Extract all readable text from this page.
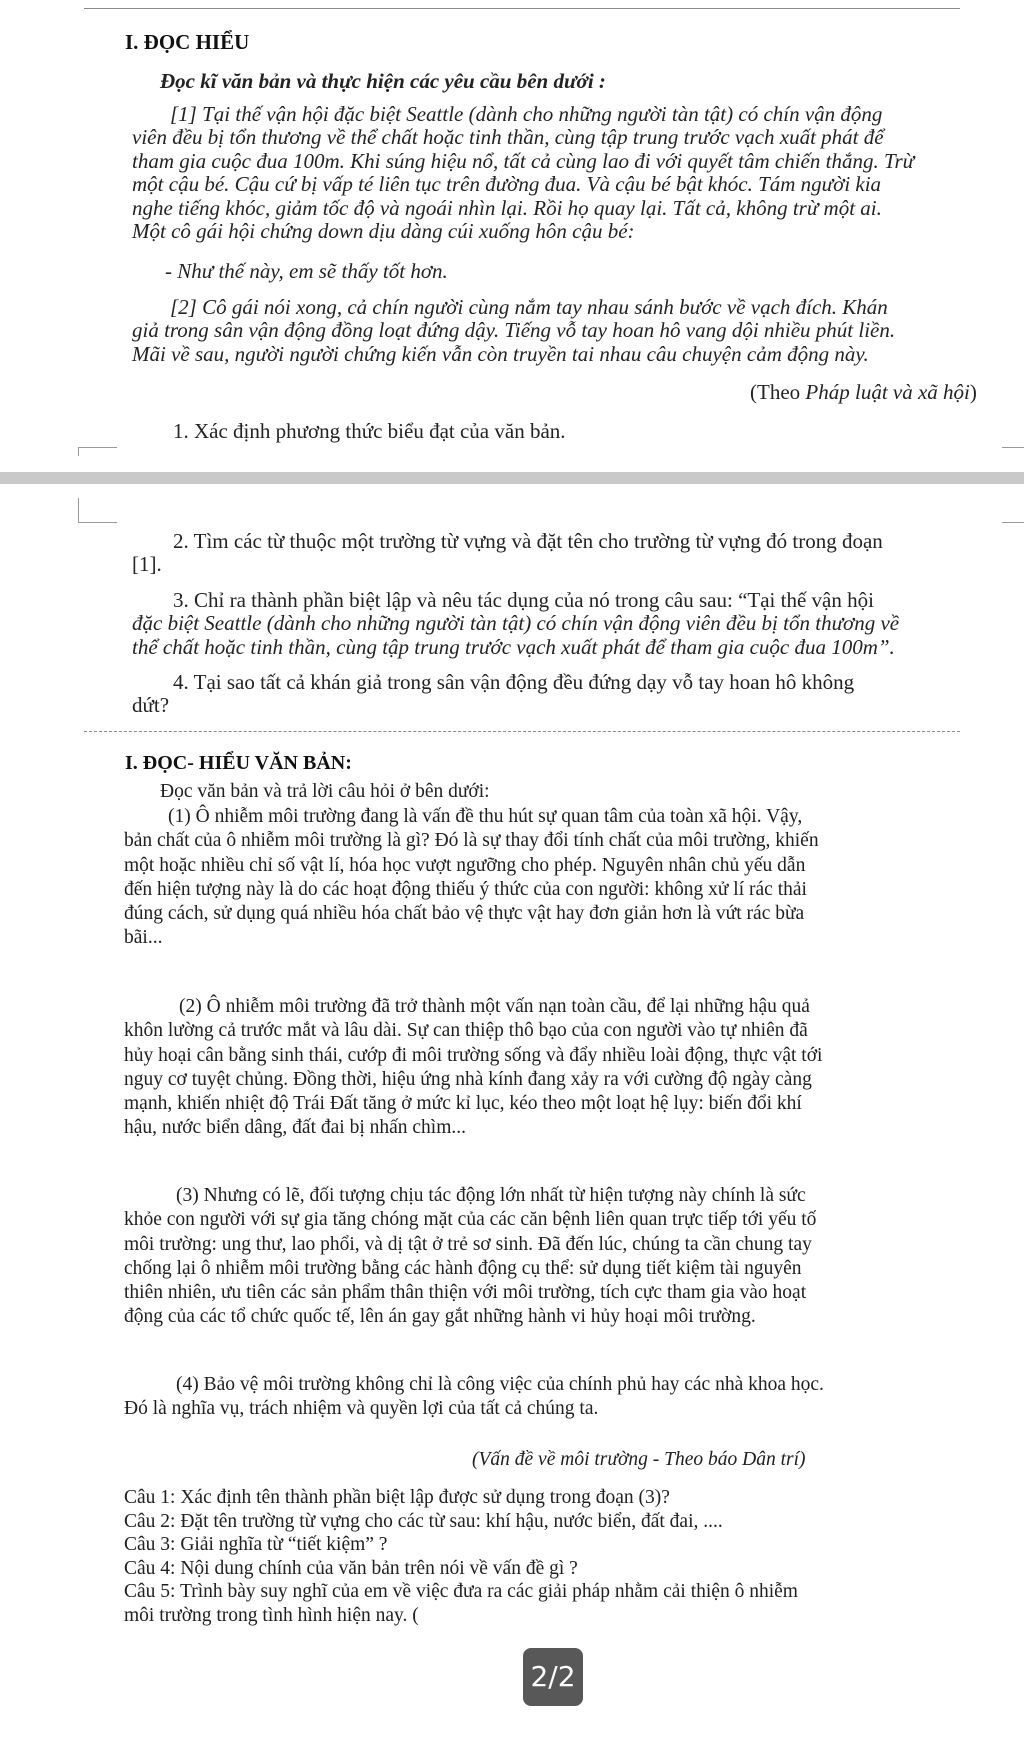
I. ĐỌC HIỂU
Đọc kĩ văn bản và thực hiện các yêu cầu bên dưới :
[1] Tại thế vận hội đặc biệt Seattle (dành cho những người tàn tật) có chín vận động
viên đều bị tổn thương về thể chất hoặc tinh thần, cùng tập trung trước vạch xuất phát để
tham gia cuộc đua 100m. Khi súng hiệu nổ, tất cả cùng lao đi với quyết tâm chiến thắng. Trừ
một cậu bé. Cậu cứ bị vấp té liên tục trên đường đua. Và cậu bé bật khóc. Tám người kia
nghe tiếng khóc, giảm tốc độ và ngoái nhìn lại. Rồi họ quay lại. Tất cả, không trừ một ai.
Một cô gái hội chứng down dịu dàng cúi xuống hôn cậu bé:
- Như thế này, em sẽ thấy tốt hơn.
[2] Cô gái nói xong, cả chín người cùng nắm tay nhau sánh bước về vạch đích. Khán
giả trong sân vận động đồng loạt đứng dậy. Tiếng vỗ tay hoan hô vang dội nhiều phút liền.
Mãi về sau, người người chứng kiến vẫn còn truyền tai nhau câu chuyện cảm động này.
(Theo Pháp luật và xã hội)
1. Xác định phương thức biểu đạt của văn bản.
2. Tìm các từ thuộc một trường từ vựng và đặt tên cho trường từ vựng đó trong đoạn
[1].
3. Chỉ ra thành phần biệt lập và nêu tác dụng của nó trong câu sau: “Tại thế vận hội
đặc biệt Seattle (dành cho những người tàn tật) có chín vận động viên đều bị tổn thương về
thể chất hoặc tinh thần, cùng tập trung trước vạch xuất phát để tham gia cuộc đua 100m”.
4. Tại sao tất cả khán giả trong sân vận động đều đứng dạy vỗ tay hoan hô không
dứt?
I. ĐỌC- HIỂU VĂN BẢN:
Đọc văn bản và trả lời câu hỏi ở bên dưới:
(1) Ô nhiễm môi trường đang là vấn đề thu hút sự quan tâm của toàn xã hội. Vậy,
bản chất của ô nhiễm môi trường là gì? Đó là sự thay đổi tính chất của môi trường, khiến
một hoặc nhiều chỉ số vật lí, hóa học vượt ngưỡng cho phép. Nguyên nhân chủ yếu dẫn
đến hiện tượng này là do các hoạt động thiếu ý thức của con người: không xử lí rác thải
đúng cách, sử dụng quá nhiều hóa chất bảo vệ thực vật hay đơn giản hơn là vứt rác bừa
bãi...
(2) Ô nhiễm môi trường đã trở thành một vấn nạn toàn cầu, để lại những hậu quả
khôn lường cả trước mắt và lâu dài. Sự can thiệp thô bạo của con người vào tự nhiên đã
hủy hoại cân bằng sinh thái, cướp đi môi trường sống và đẩy nhiều loài động, thực vật tới
nguy cơ tuyệt chủng. Đồng thời, hiệu ứng nhà kính đang xảy ra với cường độ ngày càng
mạnh, khiến nhiệt độ Trái Đất tăng ở mức kỉ lục, kéo theo một loạt hệ lụy: biến đổi khí
hậu, nước biển dâng, đất đai bị nhấn chìm...
(3) Nhưng có lẽ, đối tượng chịu tác động lớn nhất từ hiện tượng này chính là sức
khỏe con người với sự gia tăng chóng mặt của các căn bệnh liên quan trực tiếp tới yếu tố
môi trường: ung thư, lao phổi, và dị tật ở trẻ sơ sinh. Đã đến lúc, chúng ta cần chung tay
chống lại ô nhiễm môi trường bằng các hành động cụ thể: sử dụng tiết kiệm tài nguyên
thiên nhiên, ưu tiên các sản phẩm thân thiện với môi trường, tích cực tham gia vào hoạt
động của các tổ chức quốc tế, lên án gay gắt những hành vi hủy hoại môi trường.
(4) Bảo vệ môi trường không chỉ là công việc của chính phủ hay các nhà khoa học.
Đó là nghĩa vụ, trách nhiệm và quyền lợi của tất cả chúng ta.
(Vấn đề về môi trường - Theo báo Dân trí)
Câu 1: Xác định tên thành phần biệt lập được sử dụng trong đoạn (3)?
Câu 2: Đặt tên trường từ vựng cho các từ sau: khí hậu, nước biển, đất đai, ....
Câu 3: Giải nghĩa từ “tiết kiệm” ?
Câu 4: Nội dung chính của văn bản trên nói về vấn đề gì ?
Câu 5: Trình bày suy nghĩ của em về việc đưa ra các giải pháp nhằm cải thiện ô nhiễm
môi trường trong tình hình hiện nay. (
2/2
